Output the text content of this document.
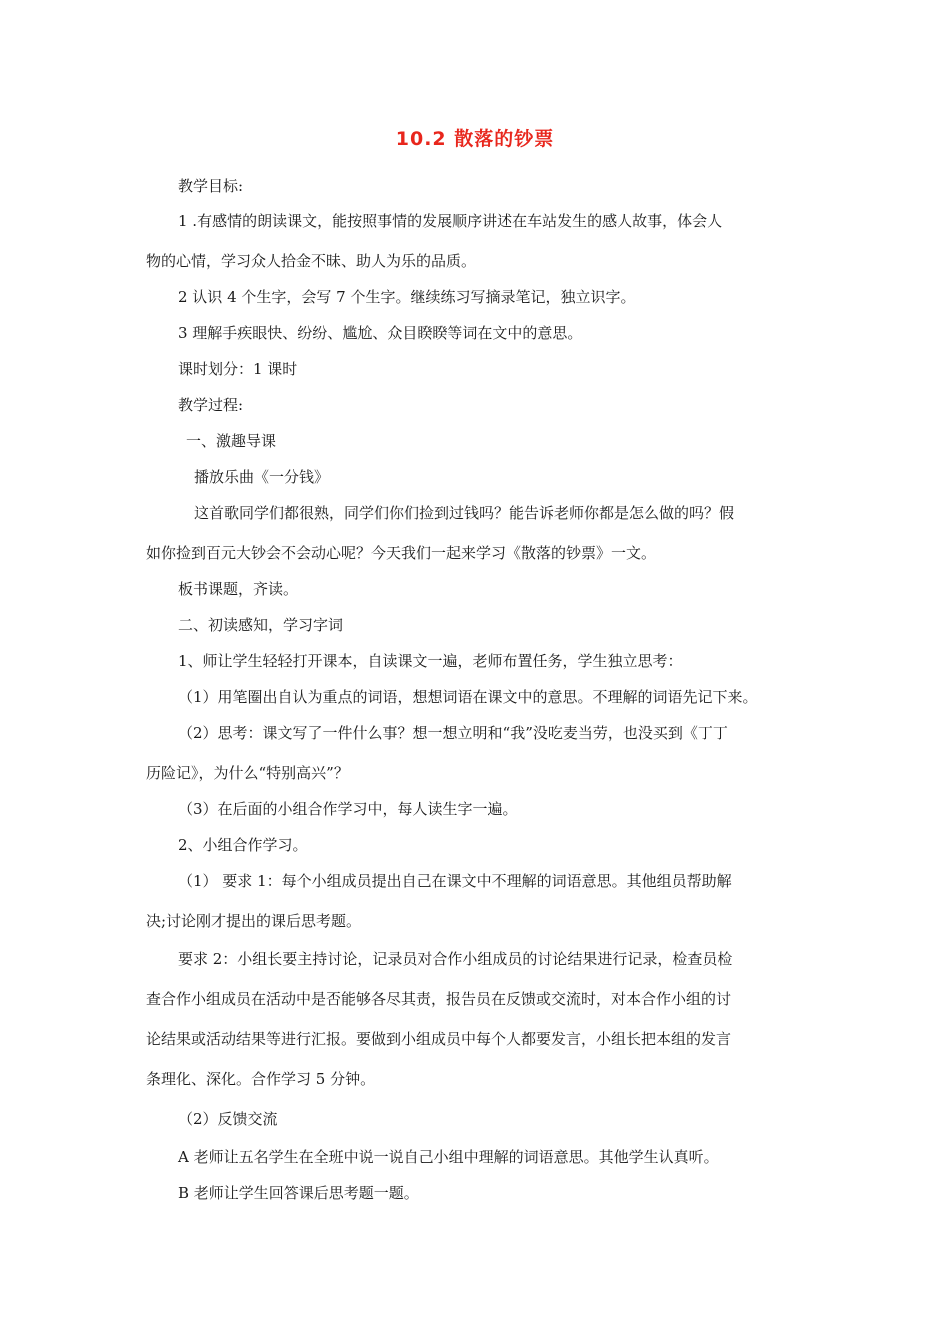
10.2 散落的钞票
教学目标:
1 .有感情的朗读课文，能按照事情的发展顺序讲述在车站发生的感人故事，体会人
物的心情，学习众人拾金不昧、助人为乐的品质。
2 认识 4 个生字，会写 7 个生字。继续练习写摘录笔记，独立识字。
3 理解手疾眼快、纷纷、尴尬、众目睽睽等词在文中的意思。
课时划分：1 课时
教学过程:
一、激趣导课
播放乐曲《一分钱》
这首歌同学们都很熟，同学们你们捡到过钱吗？能告诉老师你都是怎么做的吗？假
如你捡到百元大钞会不会动心呢？今天我们一起来学习《散落的钞票》一文。
板书课题，齐读。
二、初读感知，学习字词
1、师让学生轻轻打开课本，自读课文一遍，老师布置任务，学生独立思考：
（1）用笔圈出自认为重点的词语，想想词语在课文中的意思。不理解的词语先记下来。
（2）思考：课文写了一件什么事？想一想立明和“我”没吃麦当劳，也没买到《丁丁
历险记》，为什么“特别高兴”？
（3）在后面的小组合作学习中，每人读生字一遍。
2、小组合作学习。
（1） 要求 1：每个小组成员提出自己在课文中不理解的词语意思。其他组员帮助解
决;讨论刚才提出的课后思考题。
要求 2：小组长要主持讨论，记录员对合作小组成员的讨论结果进行记录，检查员检
查合作小组成员在活动中是否能够各尽其责，报告员在反馈或交流时，对本合作小组的讨
论结果或活动结果等进行汇报。要做到小组成员中每个人都要发言，小组长把本组的发言
条理化、深化。合作学习 5 分钟。
（2）反馈交流
A 老师让五名学生在全班中说一说自己小组中理解的词语意思。其他学生认真听。
B 老师让学生回答课后思考题一题。
